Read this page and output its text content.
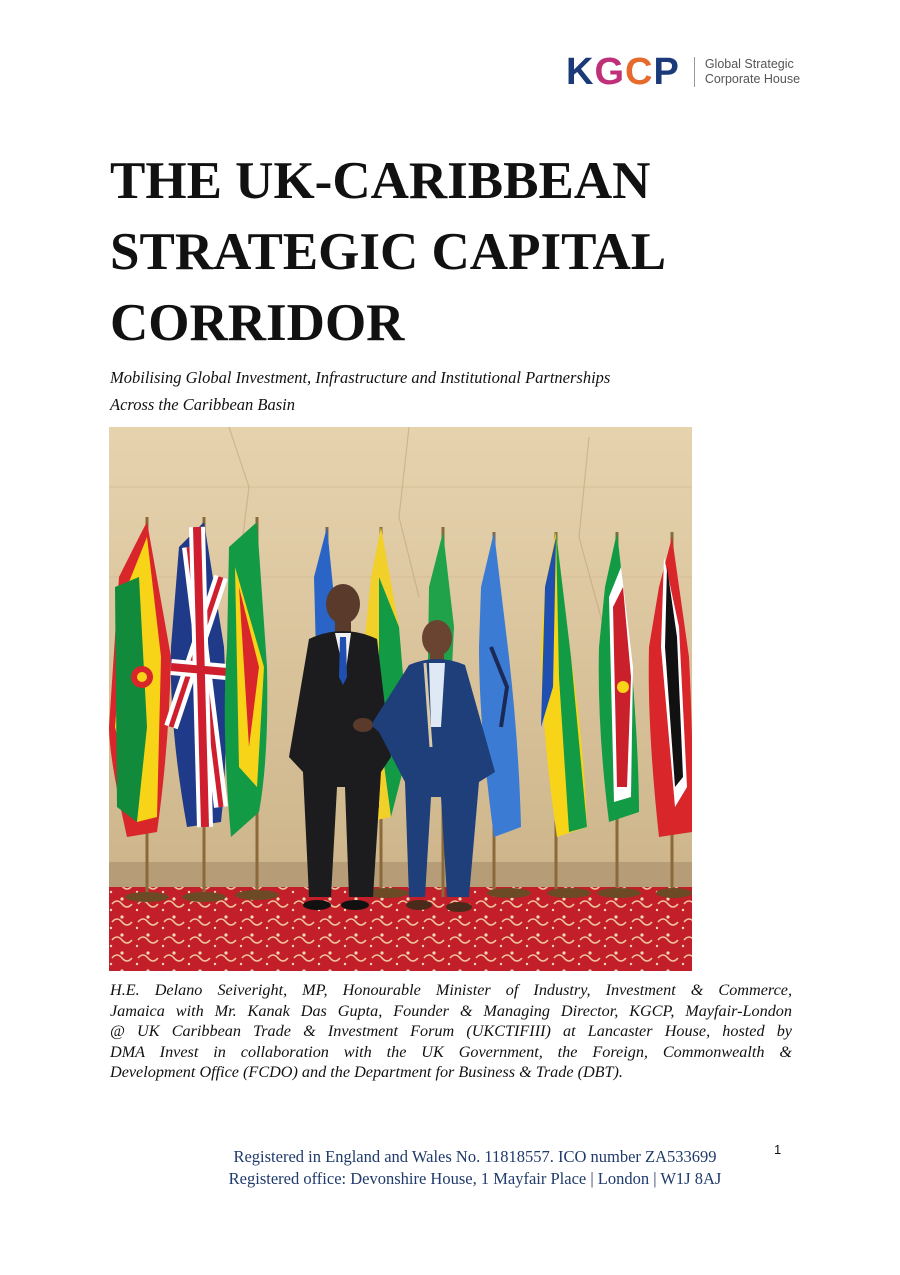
KGCP Global Strategic
Corporate House
THE UK-CARIBBEAN
STRATEGIC CAPITAL
CORRIDOR
Mobilising Global Investment, Infrastructure and Institutional Partnerships
Across the Caribbean Basin
H.E. Delano Seiveright, MP, Honourable Minister of Industry, Investment & Commerce,
Jamaica with Mr. Kanak Das Gupta, Founder & Managing Director, KGCP, Mayfair-London
@ UK Caribbean Trade & Investment Forum (UKCTIFIII) at Lancaster House, hosted by
DMA Invest in collaboration with the UK Government, the Foreign, Commonwealth &
Development Office (FCDO) and the Department for Business & Trade (DBT).
Registered in England and Wales No. 11818557. ICO number ZA533699
Registered office: Devonshire House, 1 Mayfair Place | London | W1J 8AJ
1
